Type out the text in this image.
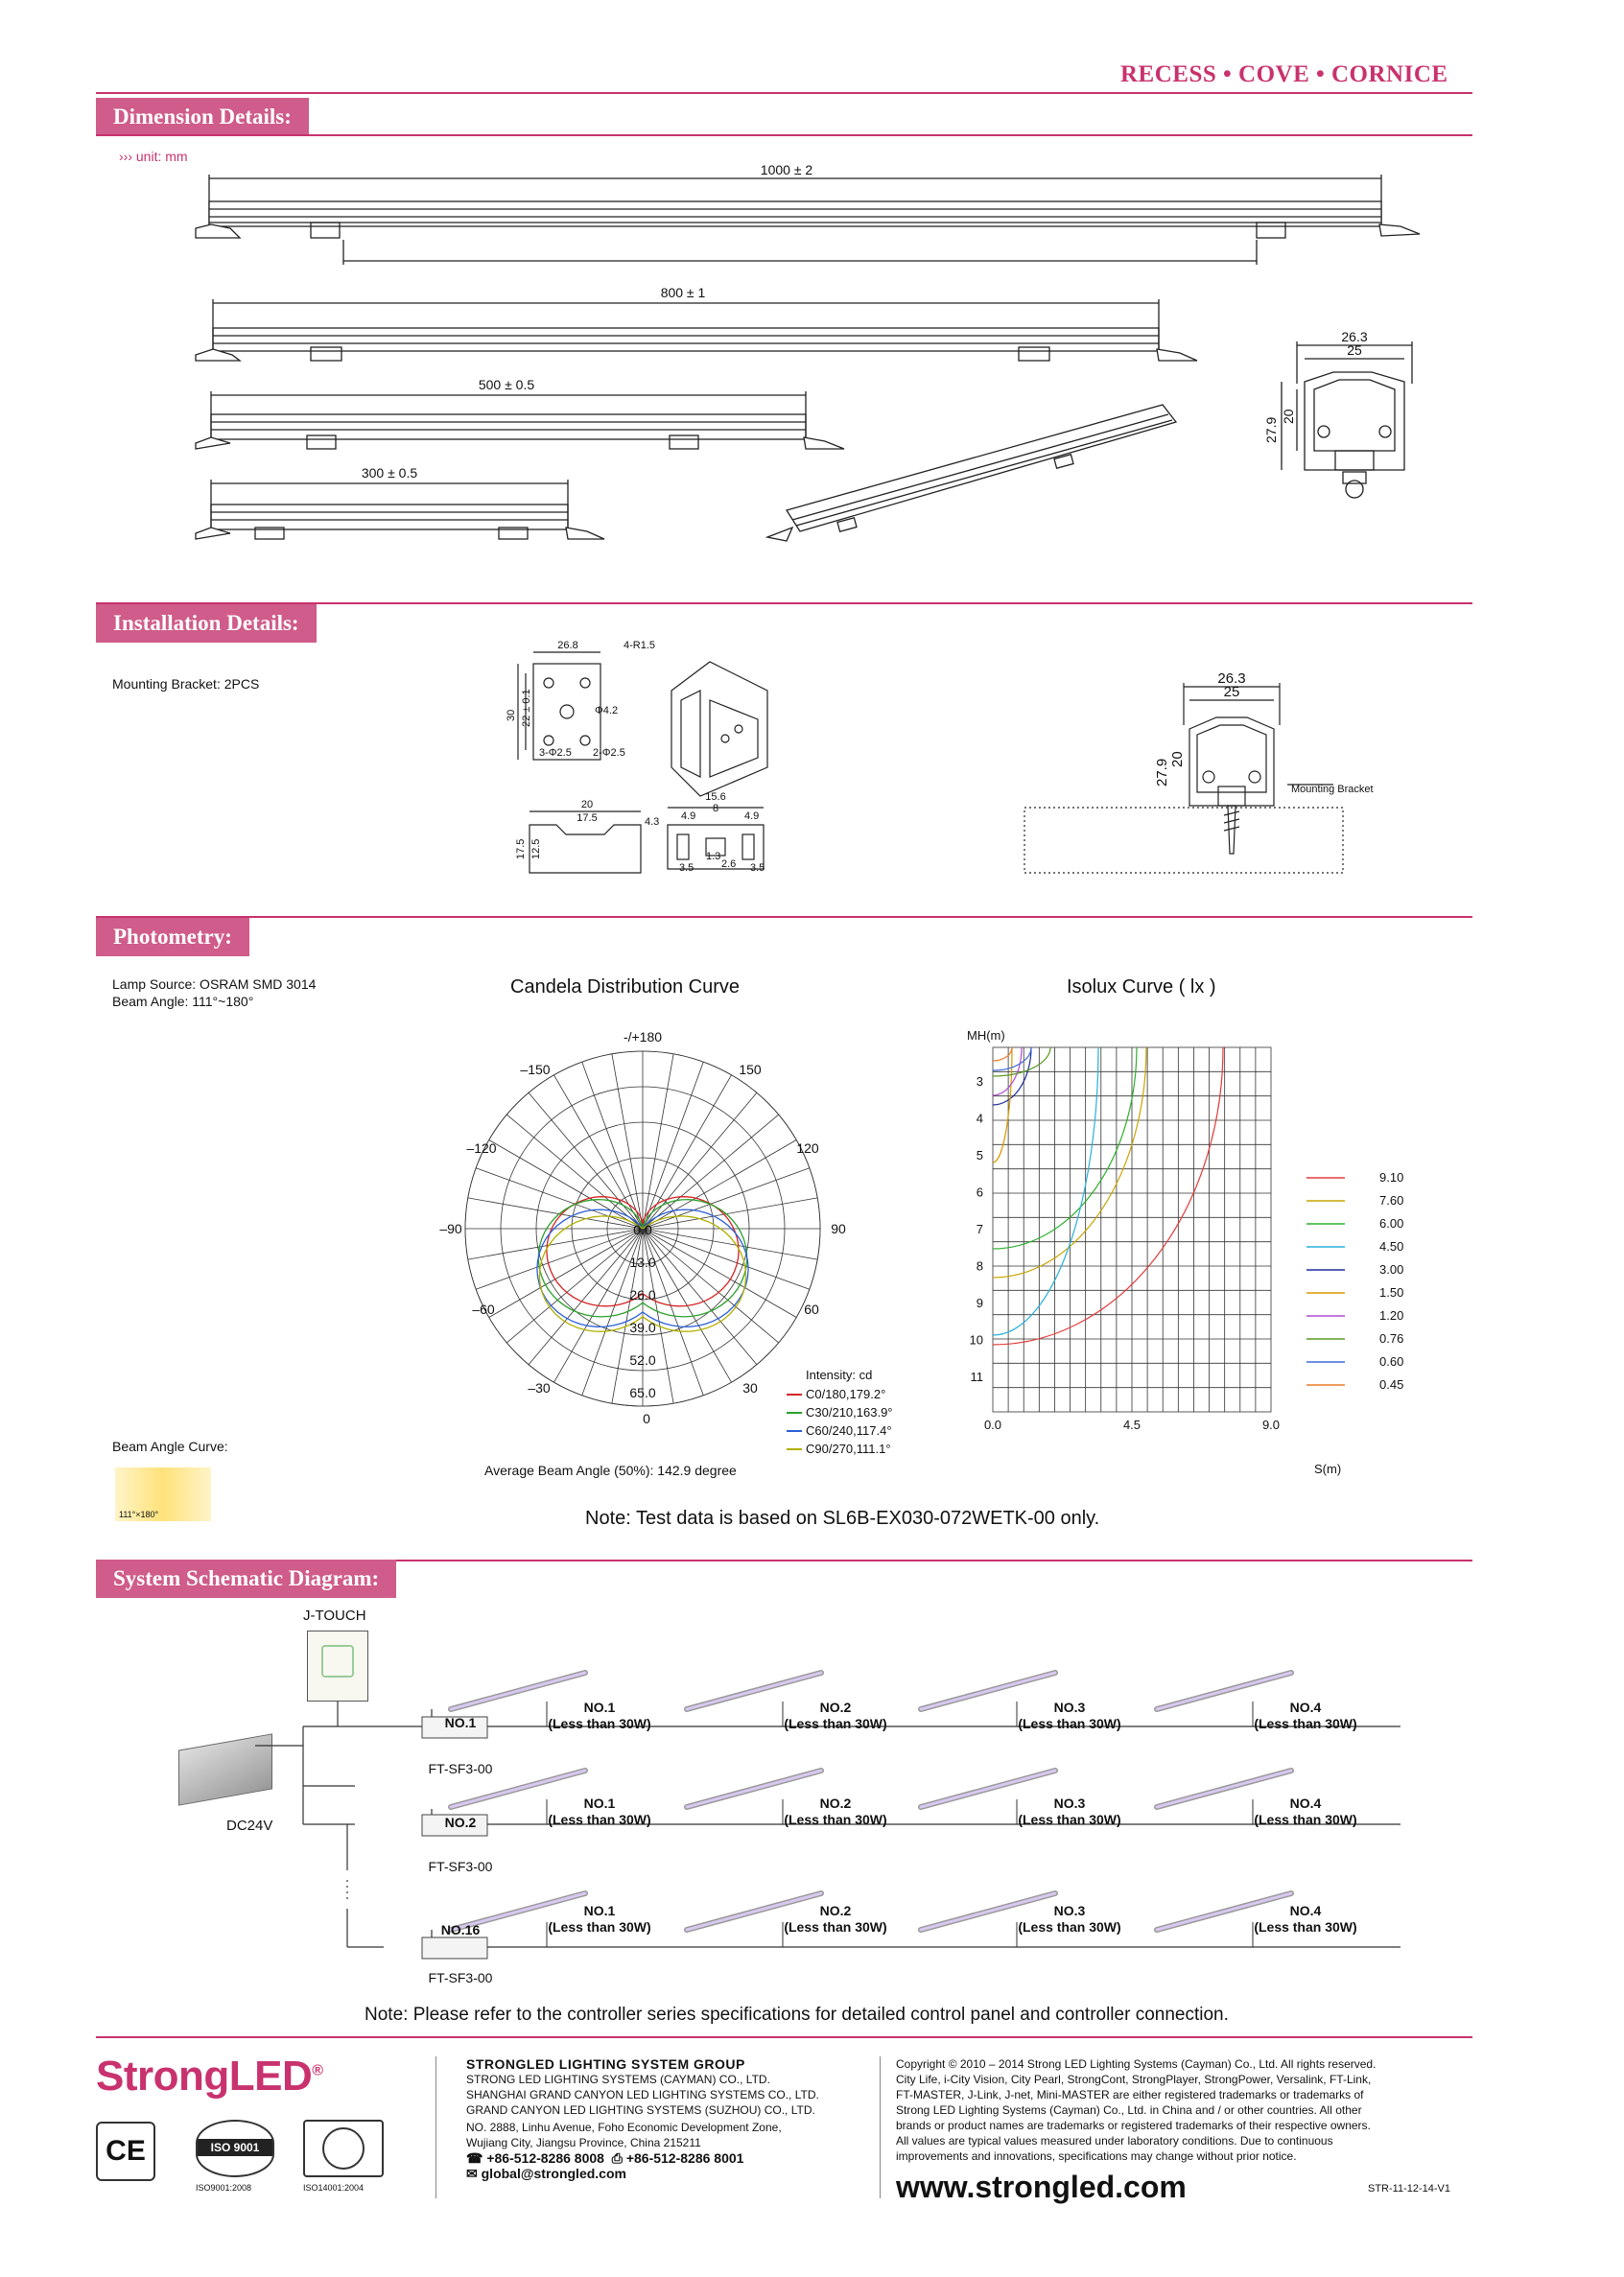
RECESS • COVE • CORNICE
Dimension Details:
››› unit: mm
1000 ± 2
800 ± 1
500 ± 0.5
300 ± 0.5
26.3
25
27.9
20
Installation Details:
Mounting Bracket: 2PCS
26.8	4-R1.5
30 22 ± 0.1	Φ4.2
3-Φ2.5 2-Φ2.5
20
17.5	4.3
17.5 12.5
15.6
8
4.9	4.9
1.3
2.6
3.5	3.5
26.3
25
27.9 20
Mounting Bracket
Photometry:
Lamp Source: OSRAM SMD 3014
Beam Angle: 111°~180°
Beam Angle Curve:
111°×180°
Candela Distribution Curve	Isolux Curve ( lx )
-/+180
–150	150
–120	120
–90	90
–60	60
–30	30
0
0.0
13.0
26.0
39.0
52.0
65.0
Intensity: cd
C0/180,179.2°
C30/210,163.9°
C60/240,117.4°
C90/270,111.1°
Average Beam Angle (50%): 142.9 degree
MH(m)
3
4
5
6
7
8
9
10
11
0.0	4.5	9.0
9.10
7.60
6.00
4.50
3.00
1.50
1.20
0.76
0.60
0.45
S(m)
Note: Test data is based on SL6B-EX030-072WETK-00 only.
System Schematic Diagram:
J-TOUCH
DC24V
NO.1
FT-SF3-00
NO.2
FT-SF3-00
NO.16
FT-SF3-00
NO.1
(Less than 30W)
NO.2
(Less than 30W)
NO.3
(Less than 30W)
NO.4
(Less than 30W)
NO.1
(Less than 30W)
NO.2
(Less than 30W)
NO.3
(Less than 30W)
NO.4
(Less than 30W)
NO.1
(Less than 30W)
NO.2
(Less than 30W)
NO.3
(Less than 30W)
NO.4
(Less than 30W)
Note: Please refer to the controller series specifications for detailed control panel and controller connection.
StrongLED®
CE	ISO 9001
ISO9001:2008	ISO14001:2004
STRONGLED LIGHTING SYSTEM GROUP
STRONG LED LIGHTING SYSTEMS (CAYMAN) CO., LTD.
SHANGHAI GRAND CANYON LED LIGHTING SYSTEMS CO., LTD.
GRAND CANYON LED LIGHTING SYSTEMS (SUZHOU) CO., LTD.
NO. 2888, Linhu Avenue, Foho Economic Development Zone,
Wujiang City, Jiangsu Province, China 215211
☎ +86-512-8286 8008 ⎙ +86-512-8286 8001
✉ global@strongled.com
Copyright © 2010 – 2014 Strong LED Lighting Systems (Cayman) Co., Ltd. All rights reserved.
City Life, i-City Vision, City Pearl, StrongCont, StrongPlayer, StrongPower, Versalink, FT-Link,
FT-MASTER, J-Link, J-net, Mini-MASTER are either registered trademarks or trademarks of
Strong LED Lighting Systems (Cayman) Co., Ltd. in China and / or other countries. All other
brands or product names are trademarks or registered trademarks of their respective owners.
All values are typical values measured under laboratory conditions. Due to continuous
improvements and innovations, specifications may change without prior notice.
www.strongled.com	STR-11-12-14-V1
